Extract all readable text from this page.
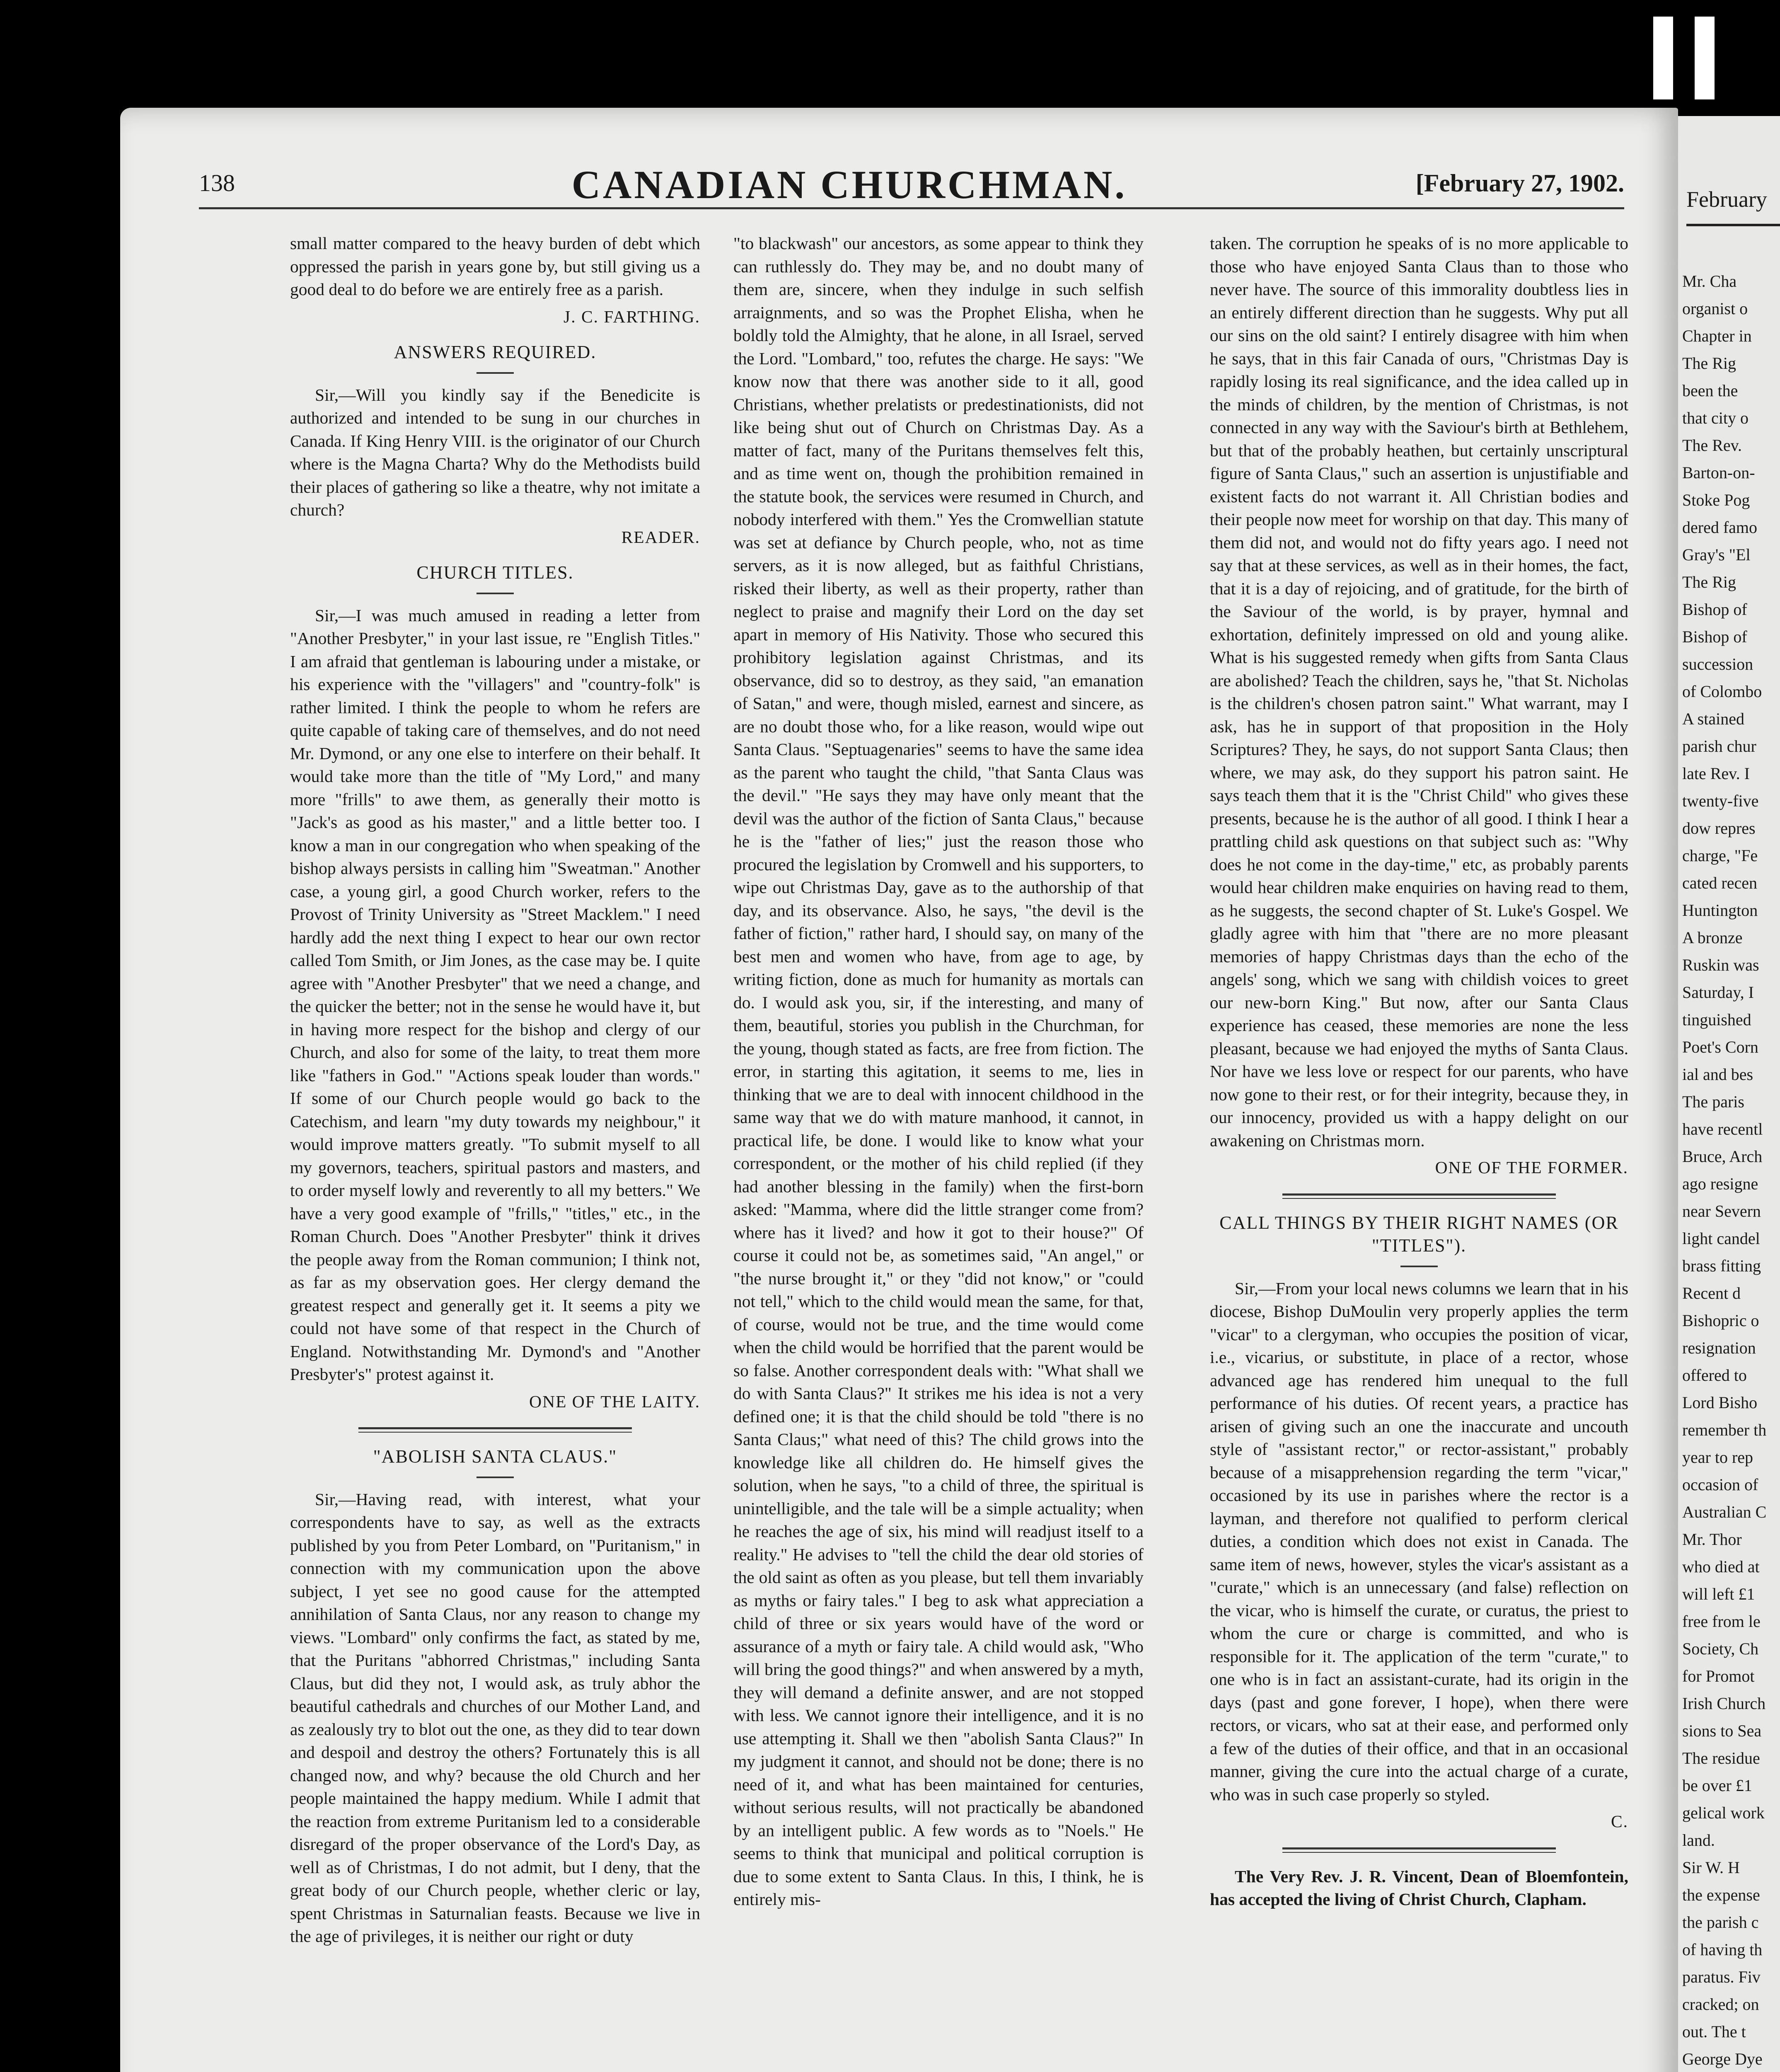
February
Mr. Cha
organist o
Chapter in
The Rig
been the
that city o
The Rev.
Barton-on-
Stoke Pog
dered famo
Gray's "El
The Rig
Bishop of
Bishop of
succession
of Colombo
A stained
parish chur
late Rev. I
twenty-five
dow repres
charge, "Fe
cated recen
Huntington
A bronze
Ruskin was
Saturday, I
tinguished
Poet's Corn
ial and bes
The paris
have recentl
Bruce, Arch
ago resigne
near Severn
light candel
brass fitting
Recent d
Bishopric o
resignation
offered to
Lord Bisho
remember th
year to rep
occasion of
Australian C
Mr. Thor
who died at
will left £1
free from le
Society, Ch
for Promot
Irish Church
sions to Sea
The residue
be over £1
gelical work
land.
Sir W. H
the expense
the parish c
of having th
paratus. Fiv
cracked; on
out. The t
George Dye
138	CANADIAN CHURCHMAN.	[February 27, 1902.

small matter compared to the heavy burden of debt which oppressed the parish in years gone by, but still giving us a good deal to do before we are entirely free as a parish.

J. C. FARTHING.
ANSWERS REQUIRED.

Sir,—Will you kindly say if the Benedicite is authorized and intended to be sung in our churches in Canada. If King Henry VIII. is the originator of our Church where is the Magna Charta? Why do the Methodists build their places of gathering so like a theatre, why not imitate a church?

READER.
CHURCH TITLES.

Sir,—I was much amused in reading a letter from "Another Presbyter," in your last issue, re "English Titles." I am afraid that gentleman is labouring under a mistake, or his experience with the "villagers" and "country-folk" is rather limited. I think the people to whom he refers are quite capable of taking care of themselves, and do not need Mr. Dymond, or any one else to interfere on their behalf. It would take more than the title of "My Lord," and many more "frills" to awe them, as generally their motto is "Jack's as good as his master," and a little better too. I know a man in our congregation who when speaking of the bishop always persists in calling him "Sweatman." Another case, a young girl, a good Church worker, refers to the Provost of Trinity University as "Street Macklem." I need hardly add the next thing I expect to hear our own rector called Tom Smith, or Jim Jones, as the case may be. I quite agree with "Another Presbyter" that we need a change, and the quicker the better; not in the sense he would have it, but in having more respect for the bishop and clergy of our Church, and also for some of the laity, to treat them more like "fathers in God." "Actions speak louder than words." If some of our Church people would go back to the Catechism, and learn "my duty towards my neighbour," it would improve matters greatly. "To submit myself to all my governors, teachers, spiritual pastors and masters, and to order myself lowly and reverently to all my betters." We have a very good example of "frills," "titles," etc., in the Roman Church. Does "Another Presbyter" think it drives the people away from the Roman communion; I think not, as far as my observation goes. Her clergy demand the greatest respect and generally get it. It seems a pity we could not have some of that respect in the Church of England. Notwithstanding Mr. Dymond's and "Another Presbyter's" protest against it.

ONE OF THE LAITY.
"ABOLISH SANTA CLAUS."

Sir,—Having read, with interest, what your correspondents have to say, as well as the extracts published by you from Peter Lombard, on "Puritanism," in connection with my communication upon the above subject, I yet see no good cause for the attempted annihilation of Santa Claus, nor any reason to change my views. "Lombard" only confirms the fact, as stated by me, that the Puritans "abhorred Christmas," including Santa Claus, but did they not, I would ask, as truly abhor the beautiful cathedrals and churches of our Mother Land, and as zealously try to blot out the one, as they did to tear down and despoil and destroy the others? Fortunately this is all changed now, and why? because the old Church and her people maintained the happy medium. While I admit that the reaction from extreme Puritanism led to a considerable disregard of the proper observance of the Lord's Day, as well as of Christmas, I do not admit, but I deny, that the great body of our Church people, whether cleric or lay, spent Christmas in Saturnalian feasts. Because we live in the age of privileges, it is neither our right or duty

"to blackwash" our ancestors, as some appear to think they can ruthlessly do. They may be, and no doubt many of them are, sincere, when they indulge in such selfish arraignments, and so was the Prophet Elisha, when he boldly told the Almighty, that he alone, in all Israel, served the Lord. "Lombard," too, refutes the charge. He says: "We know now that there was another side to it all, good Christians, whether prelatists or predestinationists, did not like being shut out of Church on Christmas Day. As a matter of fact, many of the Puritans themselves felt this, and as time went on, though the prohibition remained in the statute book, the services were resumed in Church, and nobody interfered with them." Yes the Cromwellian statute was set at defiance by Church people, who, not as time servers, as it is now alleged, but as faithful Christians, risked their liberty, as well as their property, rather than neglect to praise and magnify their Lord on the day set apart in memory of His Nativity. Those who secured this prohibitory legislation against Christmas, and its observance, did so to destroy, as they said, "an emanation of Satan," and were, though misled, earnest and sincere, as are no doubt those who, for a like reason, would wipe out Santa Claus. "Septuagenaries" seems to have the same idea as the parent who taught the child, "that Santa Claus was the devil." "He says they may have only meant that the devil was the author of the fiction of Santa Claus," because he is the "father of lies;" just the reason those who procured the legislation by Cromwell and his supporters, to wipe out Christmas Day, gave as to the authorship of that day, and its observance. Also, he says, "the devil is the father of fiction," rather hard, I should say, on many of the best men and women who have, from age to age, by writing fiction, done as much for humanity as mortals can do. I would ask you, sir, if the interesting, and many of them, beautiful, stories you publish in the Churchman, for the young, though stated as facts, are free from fiction. The error, in starting this agitation, it seems to me, lies in thinking that we are to deal with innocent childhood in the same way that we do with mature manhood, it cannot, in practical life, be done. I would like to know what your correspondent, or the mother of his child replied (if they had another blessing in the family) when the first-born asked: "Mamma, where did the little stranger come from? where has it lived? and how it got to their house?" Of course it could not be, as sometimes said, "An angel," or "the nurse brought it," or they "did not know," or "could not tell," which to the child would mean the same, for that, of course, would not be true, and the time would come when the child would be horrified that the parent would be so false. Another correspondent deals with: "What shall we do with Santa Claus?" It strikes me his idea is not a very defined one; it is that the child should be told "there is no Santa Claus;" what need of this? The child grows into the knowledge like all children do. He himself gives the solution, when he says, "to a child of three, the spiritual is unintelligible, and the tale will be a simple actuality; when he reaches the age of six, his mind will readjust itself to a reality." He advises to "tell the child the dear old stories of the old saint as often as you please, but tell them invariably as myths or fairy tales." I beg to ask what appreciation a child of three or six years would have of the word or assurance of a myth or fairy tale. A child would ask, "Who will bring the good things?" and when answered by a myth, they will demand a definite answer, and are not stopped with less. We cannot ignore their intelligence, and it is no use attempting it. Shall we then "abolish Santa Claus?" In my judgment it cannot, and should not be done; there is no need of it, and what has been maintained for centuries, without serious results, will not practically be abandoned by an intelligent public. A few words as to "Noels." He seems to think that municipal and political corruption is due to some extent to Santa Claus. In this, I think, he is entirely mis-

taken. The corruption he speaks of is no more applicable to those who have enjoyed Santa Claus than to those who never have. The source of this immorality doubtless lies in an entirely different direction than he suggests. Why put all our sins on the old saint? I entirely disagree with him when he says, that in this fair Canada of ours, "Christmas Day is rapidly losing its real significance, and the idea called up in the minds of children, by the mention of Christmas, is not connected in any way with the Saviour's birth at Bethlehem, but that of the probably heathen, but certainly unscriptural figure of Santa Claus," such an assertion is unjustifiable and existent facts do not warrant it. All Christian bodies and their people now meet for worship on that day. This many of them did not, and would not do fifty years ago. I need not say that at these services, as well as in their homes, the fact, that it is a day of rejoicing, and of gratitude, for the birth of the Saviour of the world, is by prayer, hymnal and exhortation, definitely impressed on old and young alike. What is his suggested remedy when gifts from Santa Claus are abolished? Teach the children, says he, "that St. Nicholas is the children's chosen patron saint." What warrant, may I ask, has he in support of that proposition in the Holy Scriptures? They, he says, do not support Santa Claus; then where, we may ask, do they support his patron saint. He says teach them that it is the "Christ Child" who gives these presents, because he is the author of all good. I think I hear a prattling child ask questions on that subject such as: "Why does he not come in the day-time," etc, as probably parents would hear children make enquiries on having read to them, as he suggests, the second chapter of St. Luke's Gospel. We gladly agree with him that "there are no more pleasant memories of happy Christmas days than the echo of the angels' song, which we sang with childish voices to greet our new-born King." But now, after our Santa Claus experience has ceased, these memories are none the less pleasant, because we had enjoyed the myths of Santa Claus. Nor have we less love or respect for our parents, who have now gone to their rest, or for their integrity, because they, in our innocency, provided us with a happy delight on our awakening on Christmas morn.

ONE OF THE FORMER.
CALL THINGS BY THEIR RIGHT NAMES (OR "TITLES").

Sir,—From your local news columns we learn that in his diocese, Bishop DuMoulin very properly applies the term "vicar" to a clergyman, who occupies the position of vicar, i.e., vicarius, or substitute, in place of a rector, whose advanced age has rendered him unequal to the full performance of his duties. Of recent years, a practice has arisen of giving such an one the inaccurate and uncouth style of "assistant rector," or rector-assistant," probably because of a misapprehension regarding the term "vicar," occasioned by its use in parishes where the rector is a layman, and therefore not qualified to perform clerical duties, a condition which does not exist in Canada. The same item of news, however, styles the vicar's assistant as a "curate," which is an unnecessary (and false) reflection on the vicar, who is himself the curate, or curatus, the priest to whom the cure or charge is committed, and who is responsible for it. The application of the term "curate," to one who is in fact an assistant-curate, had its origin in the days (past and gone forever, I hope), when there were rectors, or vicars, who sat at their ease, and performed only a few of the duties of their office, and that in an occasional manner, giving the cure into the actual charge of a curate, who was in such case properly so styled.

C.

The Very Rev. J. R. Vincent, Dean of Bloemfontein, has accepted the living of Christ Church, Clapham.
